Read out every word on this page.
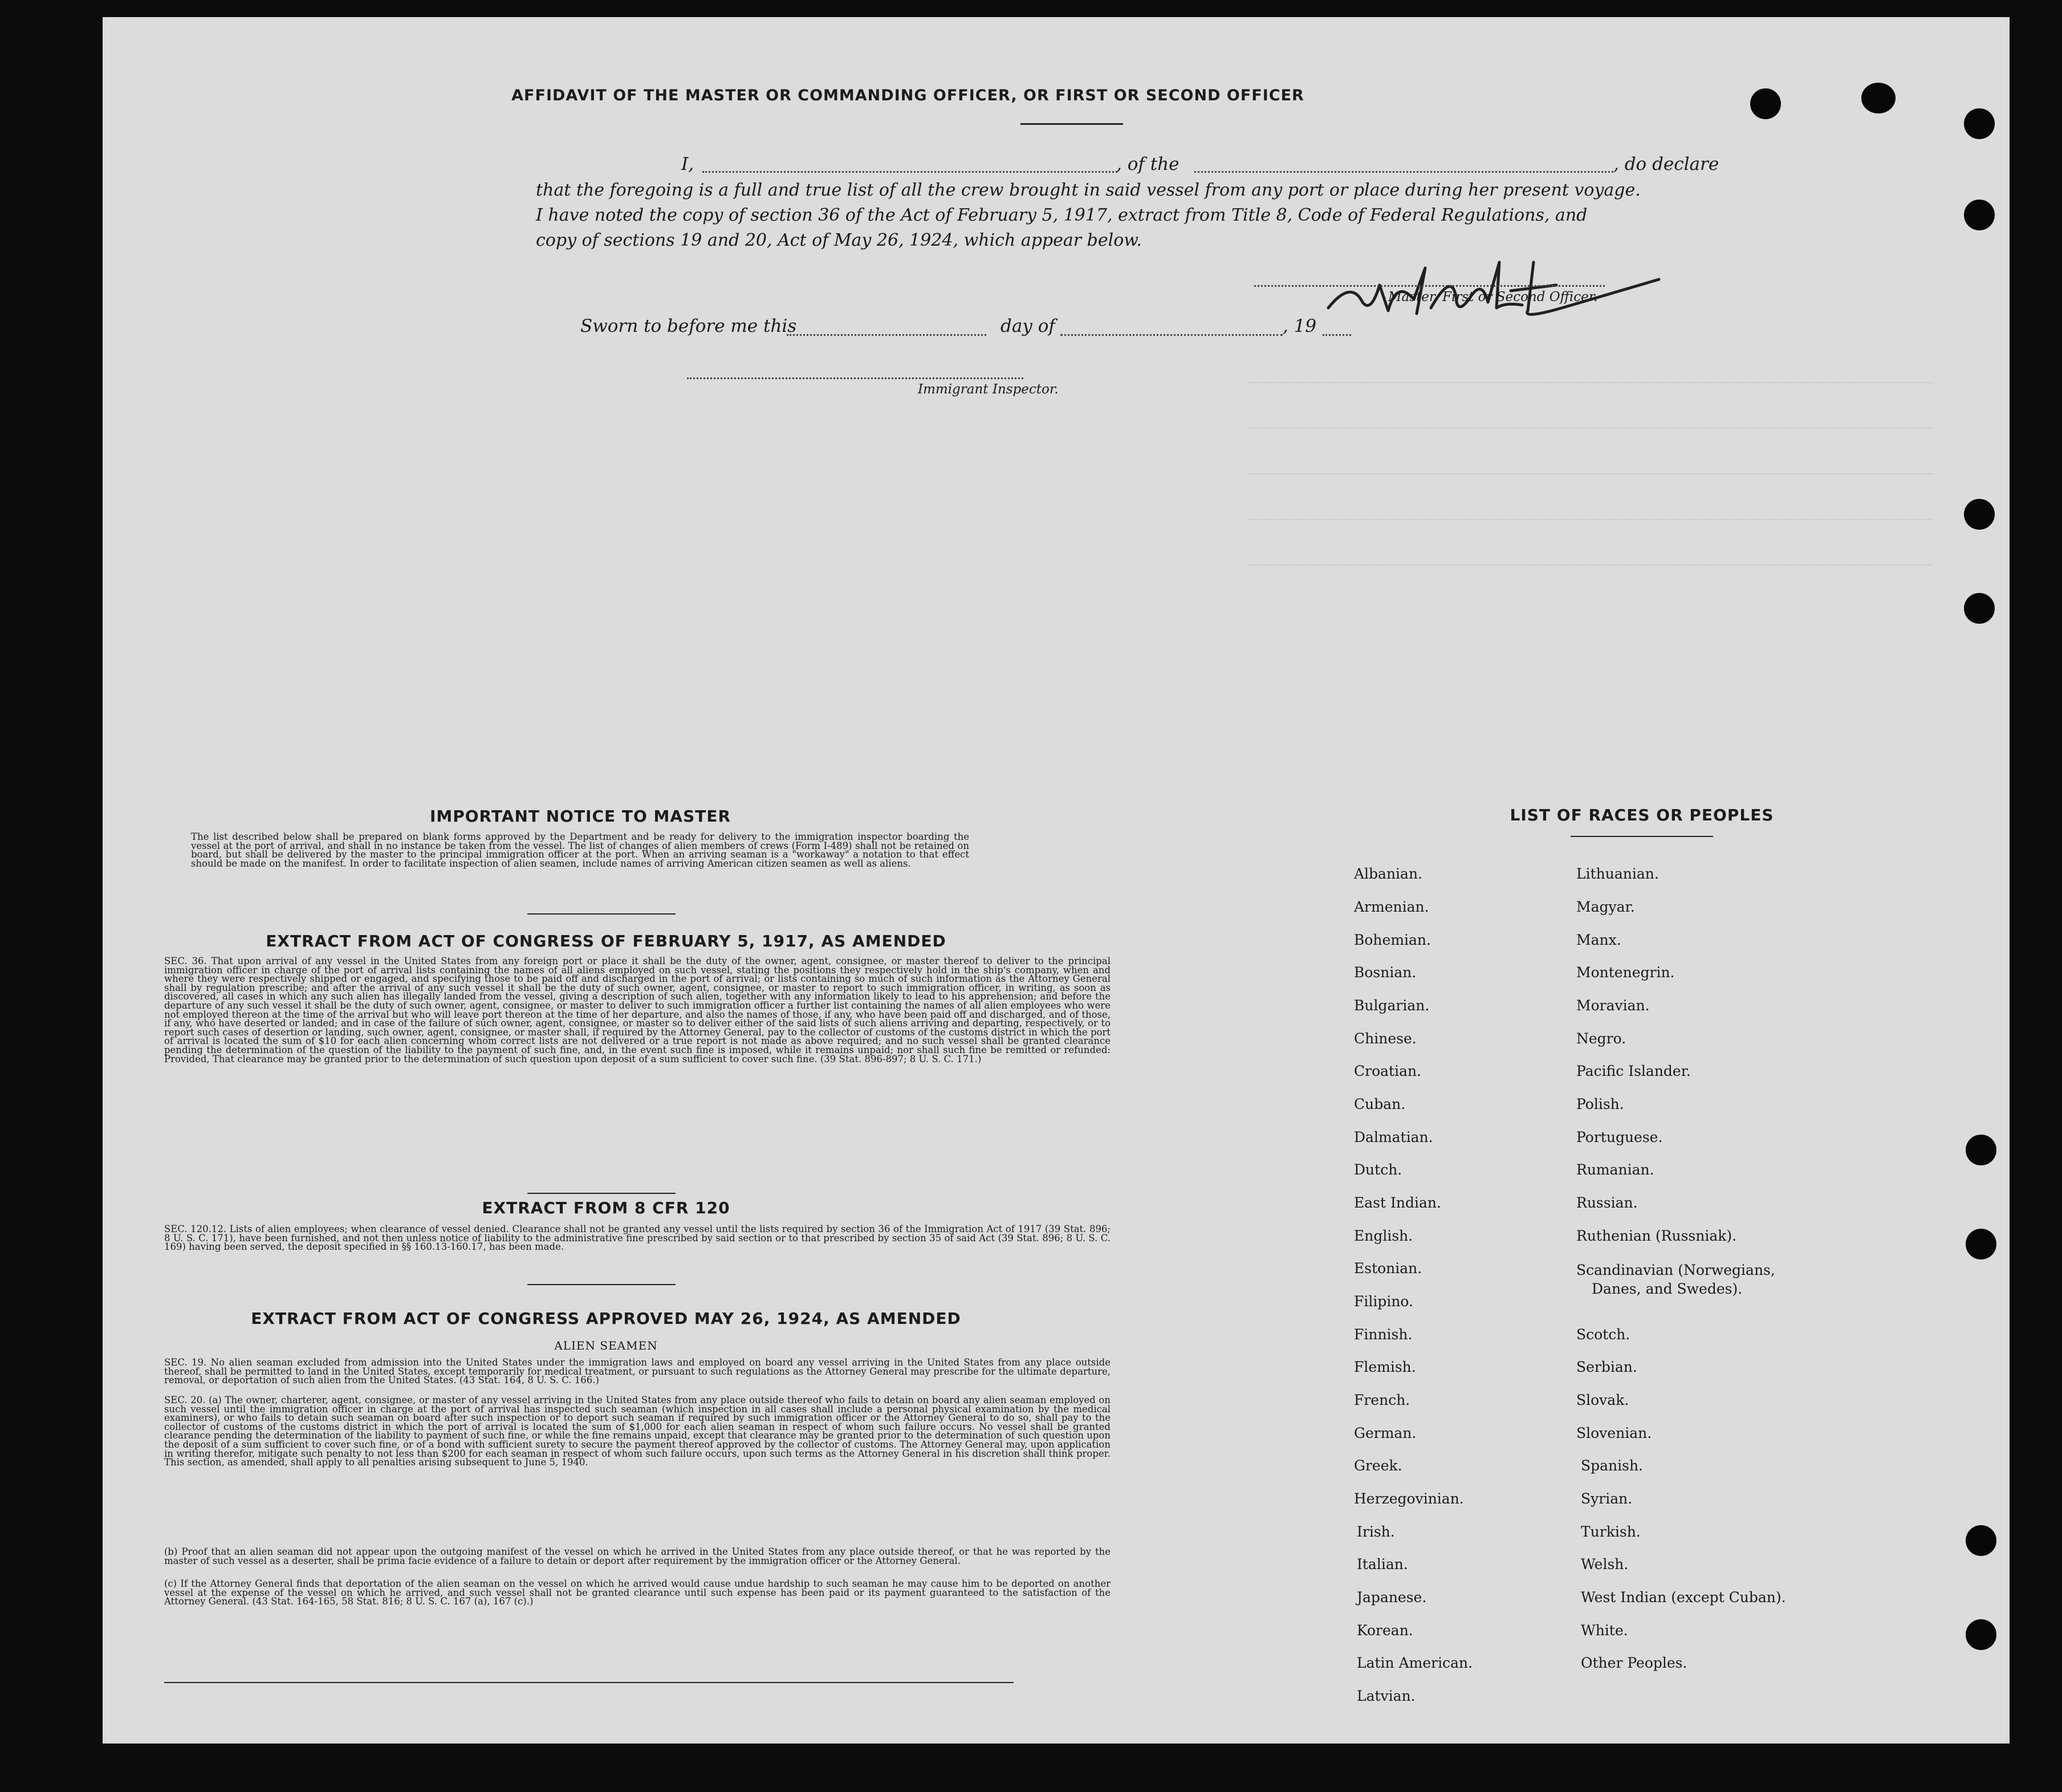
AFFIDAVIT OF THE MASTER OR COMMANDING OFFICER, OR FIRST OR SECOND OFFICER
I,	, of the	, do declare
that the foregoing is a full and true list of all the crew brought in said vessel from any port or place during her present voyage.
I have noted the copy of section 36 of the Act of February 5, 1917, extract from Title 8, Code of Federal Regulations, and
copy of sections 19 and 20, Act of May 26, 1924, which appear below.
Master, First or Second Officer.
Sworn to before me this	day of	, 19
Immigrant Inspector.
IMPORTANT NOTICE TO MASTER
The list described below shall be prepared on blank forms approved by the Department and be ready for delivery to the immigration inspector boarding the vessel at the port of arrival, and shall in no instance be taken from the vessel. The list of changes of alien members of crews (Form I-489) shall not be retained on board, but shall be delivered by the master to the principal immigration officer at the port. When an arriving seaman is a "workaway" a notation to that effect should be made on the manifest. In order to facilitate inspection of alien seamen, include names of arriving American citizen seamen as well as aliens.
EXTRACT FROM ACT OF CONGRESS OF FEBRUARY 5, 1917, AS AMENDED
SEC. 36. That upon arrival of any vessel in the United States from any foreign port or place it shall be the duty of the owner, agent, consignee, or master thereof to deliver to the principal immigration officer in charge of the port of arrival lists containing the names of all aliens employed on such vessel, stating the positions they respectively hold in the ship's company, when and where they were respectively shipped or engaged, and specifying those to be paid off and discharged in the port of arrival; or lists containing so much of such information as the Attorney General shall by regulation prescribe; and after the arrival of any such vessel it shall be the duty of such owner, agent, consignee, or master to report to such immigration officer, in writing, as soon as discovered, all cases in which any such alien has illegally landed from the vessel, giving a description of such alien, together with any information likely to lead to his apprehension; and before the departure of any such vessel it shall be the duty of such owner, agent, consignee, or master to deliver to such immigration officer a further list containing the names of all alien employees who were not employed thereon at the time of the arrival but who will leave port thereon at the time of her departure, and also the names of those, if any, who have been paid off and discharged, and of those, if any, who have deserted or landed; and in case of the failure of such owner, agent, consignee, or master so to deliver either of the said lists of such aliens arriving and departing, respectively, or to report such cases of desertion or landing, such owner, agent, consignee, or master shall, if required by the Attorney General, pay to the collector of customs of the customs district in which the port of arrival is located the sum of $10 for each alien concerning whom correct lists are not delivered or a true report is not made as above required; and no such vessel shall be granted clearance pending the determination of the question of the liability to the payment of such fine, and, in the event such fine is imposed, while it remains unpaid; nor shall such fine be remitted or refunded: Provided, That clearance may be granted prior to the determination of such question upon deposit of a sum sufficient to cover such fine. (39 Stat. 896-897; 8 U. S. C. 171.)
EXTRACT FROM 8 CFR 120
SEC. 120.12. Lists of alien employees; when clearance of vessel denied. Clearance shall not be granted any vessel until the lists required by section 36 of the Immigration Act of 1917 (39 Stat. 896; 8 U. S. C. 171), have been furnished, and not then unless notice of liability to the administrative fine prescribed by said section or to that prescribed by section 35 of said Act (39 Stat. 896; 8 U. S. C. 169) having been served, the deposit specified in §§ 160.13-160.17, has been made.
EXTRACT FROM ACT OF CONGRESS APPROVED MAY 26, 1924, AS AMENDED
ALIEN SEAMEN
SEC. 19. No alien seaman excluded from admission into the United States under the immigration laws and employed on board any vessel arriving in the United States from any place outside thereof, shall be permitted to land in the United States, except temporarily for medical treatment, or pursuant to such regulations as the Attorney General may prescribe for the ultimate departure, removal, or deportation of such alien from the United States. (43 Stat. 164, 8 U. S. C. 166.)
SEC. 20. (a) The owner, charterer, agent, consignee, or master of any vessel arriving in the United States from any place outside thereof who fails to detain on board any alien seaman employed on such vessel until the immigration officer in charge at the port of arrival has inspected such seaman (which inspection in all cases shall include a personal physical examination by the medical examiners), or who fails to detain such seaman on board after such inspection or to deport such seaman if required by such immigration officer or the Attorney General to do so, shall pay to the collector of customs of the customs district in which the port of arrival is located the sum of $1,000 for each alien seaman in respect of whom such failure occurs. No vessel shall be granted clearance pending the determination of the liability to payment of such fine, or while the fine remains unpaid, except that clearance may be granted prior to the determination of such question upon the deposit of a sum sufficient to cover such fine, or of a bond with sufficient surety to secure the payment thereof approved by the collector of customs. The Attorney General may, upon application in writing therefor, mitigate such penalty to not less than $200 for each seaman in respect of whom such failure occurs, upon such terms as the Attorney General in his discretion shall think proper. This section, as amended, shall apply to all penalties arising subsequent to June 5, 1940.
(b) Proof that an alien seaman did not appear upon the outgoing manifest of the vessel on which he arrived in the United States from any place outside thereof, or that he was reported by the master of such vessel as a deserter, shall be prima facie evidence of a failure to detain or deport after requirement by the immigration officer or the Attorney General.
(c) If the Attorney General finds that deportation of the alien seaman on the vessel on which he arrived would cause undue hardship to such seaman he may cause him to be deported on another vessel at the expense of the vessel on which he arrived, and such vessel shall not be granted clearance until such expense has been paid or its payment guaranteed to the satisfaction of the Attorney General. (43 Stat. 164-165, 58 Stat. 816; 8 U. S. C. 167 (a), 167 (c).)
LIST OF RACES OR PEOPLES
Albanian.
Armenian.
Bohemian.
Bosnian.
Bulgarian.
Chinese.
Croatian.
Cuban.
Dalmatian.
Dutch.
East Indian.
English.
Estonian.
Filipino.
Finnish.
Flemish.
French.
German.
Greek.
Herzegovinian.
Irish.
Italian.
Japanese.
Korean.
Latin American.
Latvian.
Lithuanian.
Magyar.
Manx.
Montenegrin.
Moravian.
Negro.
Pacific Islander.
Polish.
Portuguese.
Rumanian.
Russian.
Ruthenian (Russniak).
Scandinavian (Norwegians,
Danes, and Swedes).
Scotch.
Serbian.
Slovak.
Slovenian.
Spanish.
Syrian.
Turkish.
Welsh.
West Indian (except Cuban).
White.
Other Peoples.
